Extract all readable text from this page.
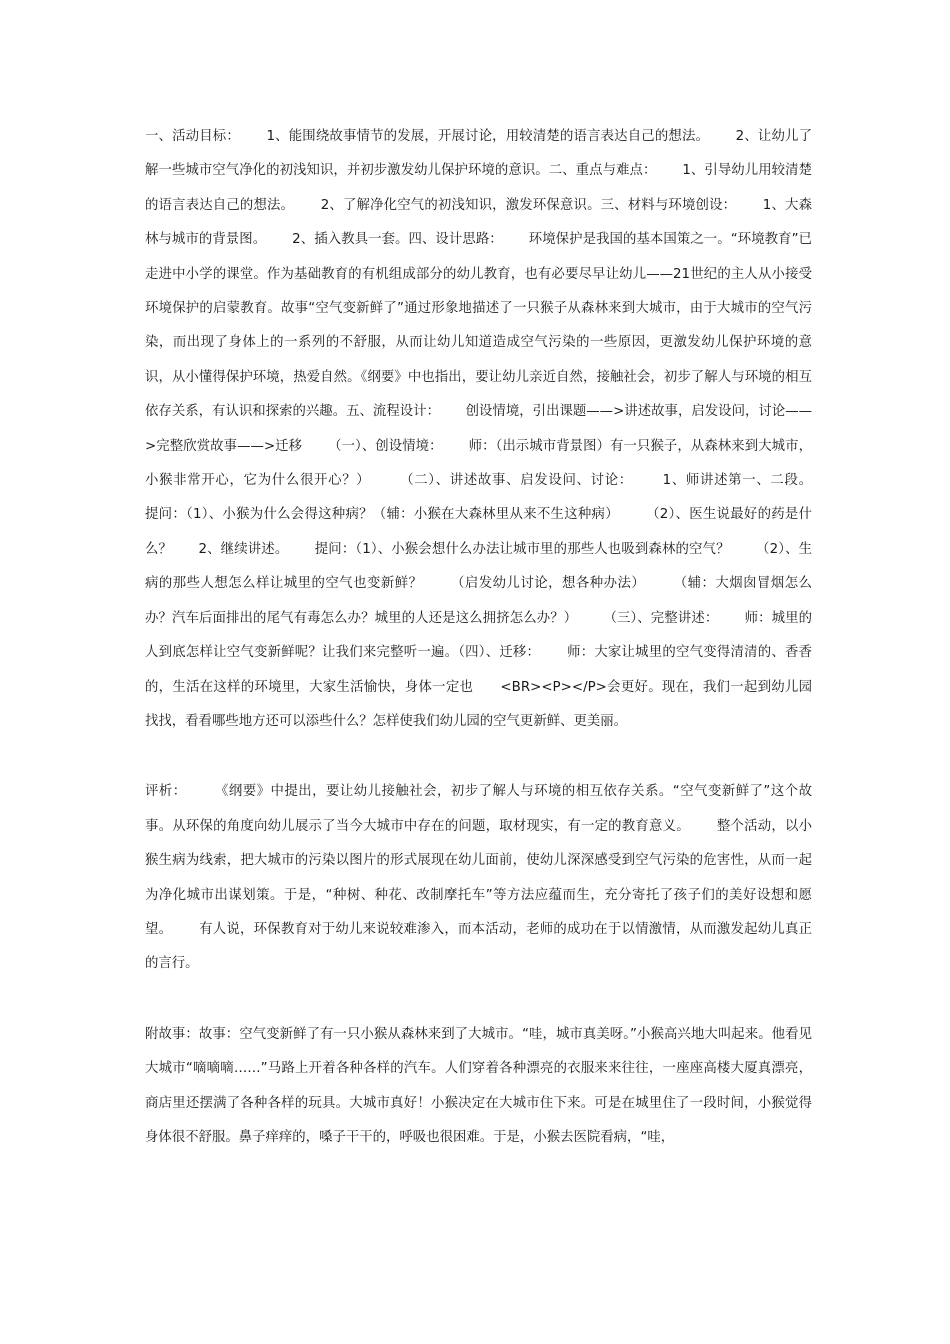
一、活动目标：      1、能围绕故事情节的发展，开展讨论，用较清楚的语言表达自己的想法。      2、让幼儿了解一些城市空气净化的初浅知识，并初步激发幼儿保护环境的意识。二、重点与难点：      1、引导幼儿用较清楚的语言表达自己的想法。      2、了解净化空气的初浅知识，激发环保意识。三、材料与环境创设：      1、大森林与城市的背景图。      2、插入教具一套。四、设计思路：      环境保护是我国的基本国策之一。“环境教育”已走进中小学的课堂。作为基础教育的有机组成部分的幼儿教育，也有必要尽早让幼儿——21世纪的主人从小接受环境保护的启蒙教育。故事“空气变新鲜了”通过形象地描述了一只猴子从森林来到大城市，由于大城市的空气污染，而出现了身体上的一系列的不舒服，从而让幼儿知道造成空气污染的一些原因，更激发幼儿保护环境的意识，从小懂得保护环境，热爱自然。《纲要》中也指出，要让幼儿亲近自然，接触社会，初步了解人与环境的相互依存关系，有认识和探索的兴趣。五、流程设计：      创设情境，引出课题——>讲述故事，启发设问，讨论——>完整欣赏故事——>迁移      （一）、创设情境：      师：（出示城市背景图）有一只猴子，从森林来到大城市，小猴非常开心，它为什么很开心？）      （二）、讲述故事、启发设问、讨论：      1、师讲述第一、二段。      提问：（1）、小猴为什么会得这种病？（辅：小猴在大森林里从来不生这种病）      （2）、医生说最好的药是什么？      2、继续讲述。      提问：（1）、小猴会想什么办法让城市里的那些人也吸到森林的空气？      （2）、生病的那些人想怎么样让城里的空气也变新鲜？      （启发幼儿讨论，想各种办法）      （辅：大烟囱冒烟怎么办？汽车后面排出的尾气有毒怎么办？城里的人还是这么拥挤怎么办？）      （三）、完整讲述：      师：城里的人到底怎样让空气变新鲜呢？让我们来完整听一遍。（四）、迁移：      师：大家让城里的空气变得清清的、香香的，生活在这样的环境里，大家生活愉快，身体一定也      <BR><P></P>会更好。现在，我们一起到幼儿园找找，看看哪些地方还可以添些什么？怎样使我们幼儿园的空气更新鲜、更美丽。

评析：      《纲要》中提出，要让幼儿接触社会，初步了解人与环境的相互依存关系。“空气变新鲜了”这个故事。从环保的角度向幼儿展示了当今大城市中存在的问题，取材现实，有一定的教育意义。      整个活动，以小猴生病为线索，把大城市的污染以图片的形式展现在幼儿面前，使幼儿深深感受到空气污染的危害性，从而一起为净化城市出谋划策。于是，“种树、种花、改制摩托车”等方法应蕴而生，充分寄托了孩子们的美好设想和愿望。      有人说，环保教育对于幼儿来说较难渗入，而本活动，老师的成功在于以情激情，从而激发起幼儿真正的言行。

附故事：故事：空气变新鲜了有一只小猴从森林来到了大城市。“哇，城市真美呀。”小猴高兴地大叫起来。他看见大城市“嘀嘀嘀……”马路上开着各种各样的汽车。人们穿着各种漂亮的衣服来来往往，一座座高楼大厦真漂亮，商店里还摆满了各种各样的玩具。大城市真好！小猴决定在大城市住下来。可是在城里住了一段时间，小猴觉得身体很不舒服。鼻子痒痒的，嗓子干干的，呼吸也很困难。于是，小猴去医院看病，“哇，
